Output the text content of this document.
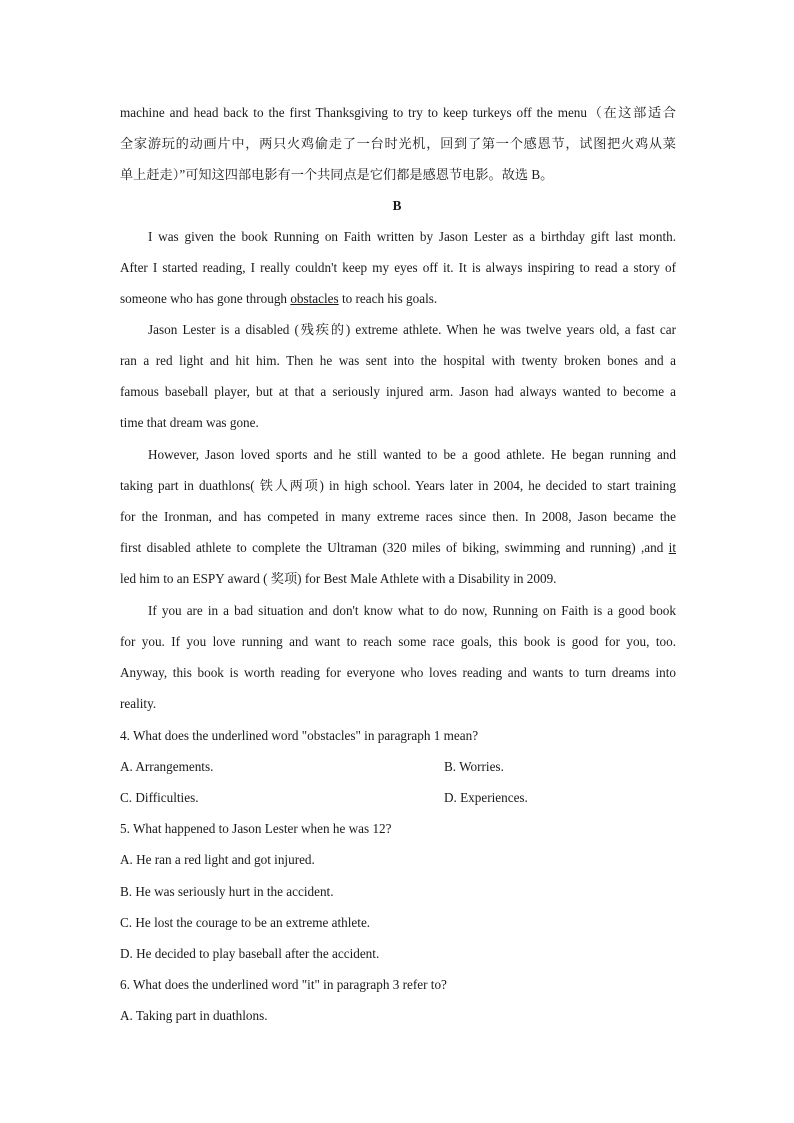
machine and head back to the first Thanksgiving to try to keep turkeys off the menu（在这部适合
全家游玩的动画片中，两只火鸡偷走了一台时光机，回到了第一个感恩节，试图把火鸡从菜
单上赶走）”可知这四部电影有一个共同点是它们都是感恩节电影。故选 B。
B
I was given the book Running on Faith written by Jason Lester as a birthday gift last month.
After I started reading, I really couldn't keep my eyes off it. It is always inspiring to read a story of
someone who has gone through obstacles to reach his goals.
Jason Lester is a disabled (残疾的) extreme athlete. When he was twelve years old, a fast car
ran a red light and hit him. Then he was sent into the hospital with twenty broken bones and a
famous baseball player, but at that a seriously injured arm. Jason had always wanted to become a
time that dream was gone.
However, Jason loved sports and he still wanted to be a good athlete. He began running and
taking part in duathlons( 铁人两项) in high school. Years later in 2004, he decided to start training
for the Ironman, and has competed in many extreme races since then. In 2008, Jason became the
first disabled athlete to complete the Ultraman (320 miles of biking, swimming and running) ,and it
led him to an ESPY award ( 奖项) for Best Male Athlete with a Disability in 2009.
If you are in a bad situation and don't know what to do now, Running on Faith is a good book
for you. If you love running and want to reach some race goals, this book is good for you, too.
Anyway, this book is worth reading for everyone who loves reading and wants to turn dreams into
reality.
4. What does the underlined word "obstacles" in paragraph 1 mean?
A. Arrangements.	B. Worries.
C. Difficulties.	D. Experiences.
5. What happened to Jason Lester when he was 12?
A. He ran a red light and got injured.
B. He was seriously hurt in the accident.
C. He lost the courage to be an extreme athlete.
D. He decided to play baseball after the accident.
6. What does the underlined word "it" in paragraph 3 refer to?
A. Taking part in duathlons.
